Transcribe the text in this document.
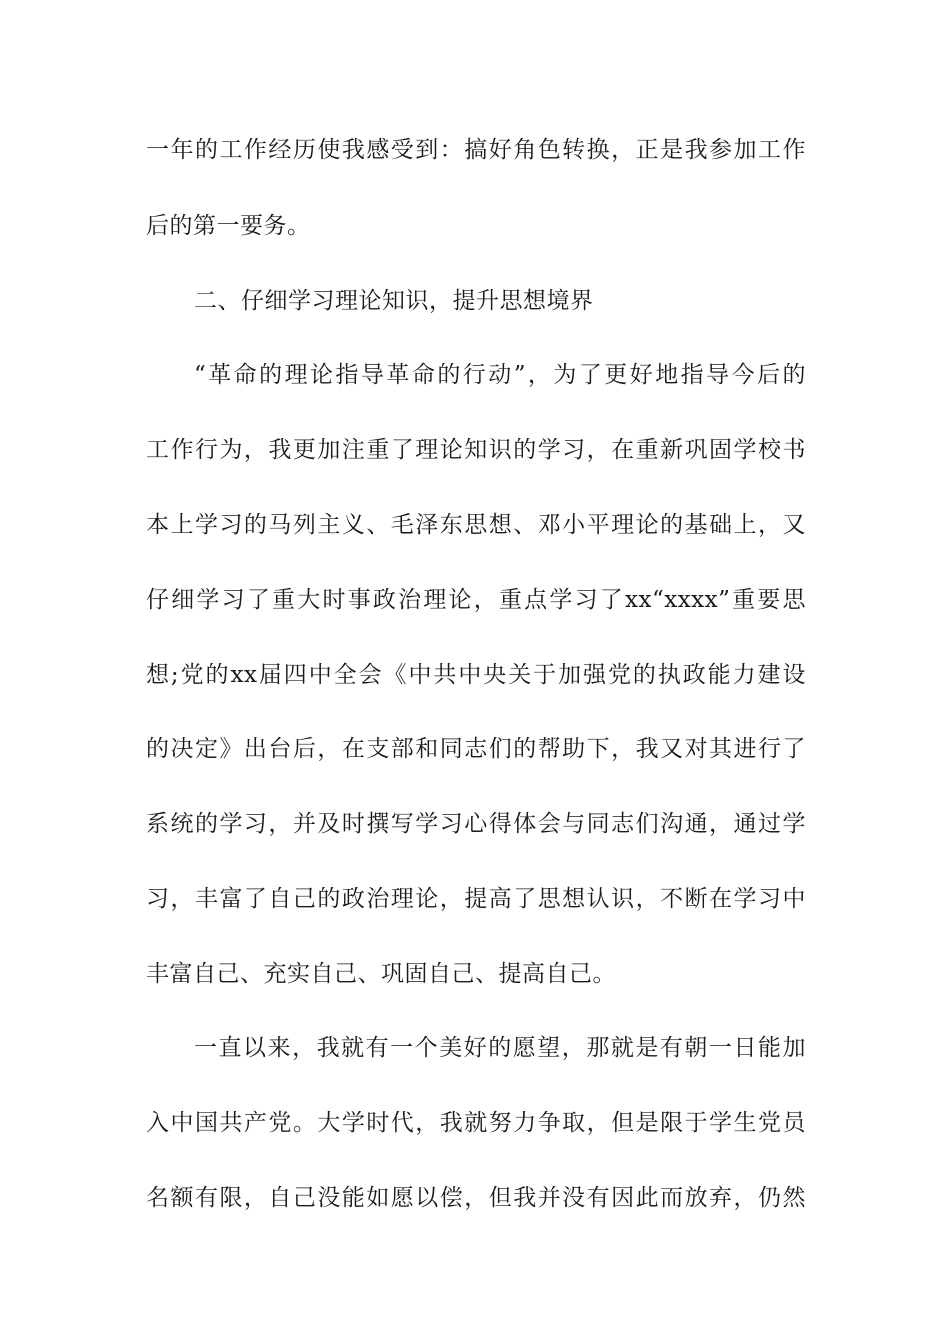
一年的工作经历使我感受到：搞好角色转换，正是我参加工作
后的第一要务。
二、仔细学习理论知识，提升思想境界
“革命的理论指导革命的行动”，为了更好地指导今后的
工作行为，我更加注重了理论知识的学习，在重新巩固学校书
本上学习的马列主义、毛泽东思想、邓小平理论的基础上，又
仔细学习了重大时事政治理论，重点学习了xx“xxxx”重要思
想;党的xx届四中全会《中共中央关于加强党的执政能力建设
的决定》出台后，在支部和同志们的帮助下，我又对其进行了
系统的学习，并及时撰写学习心得体会与同志们沟通，通过学
习，丰富了自己的政治理论，提高了思想认识，不断在学习中
丰富自己、充实自己、巩固自己、提高自己。
一直以来，我就有一个美好的愿望，那就是有朝一日能加
入中国共产党。大学时代，我就努力争取，但是限于学生党员
名额有限，自己没能如愿以偿，但我并没有因此而放弃，仍然
